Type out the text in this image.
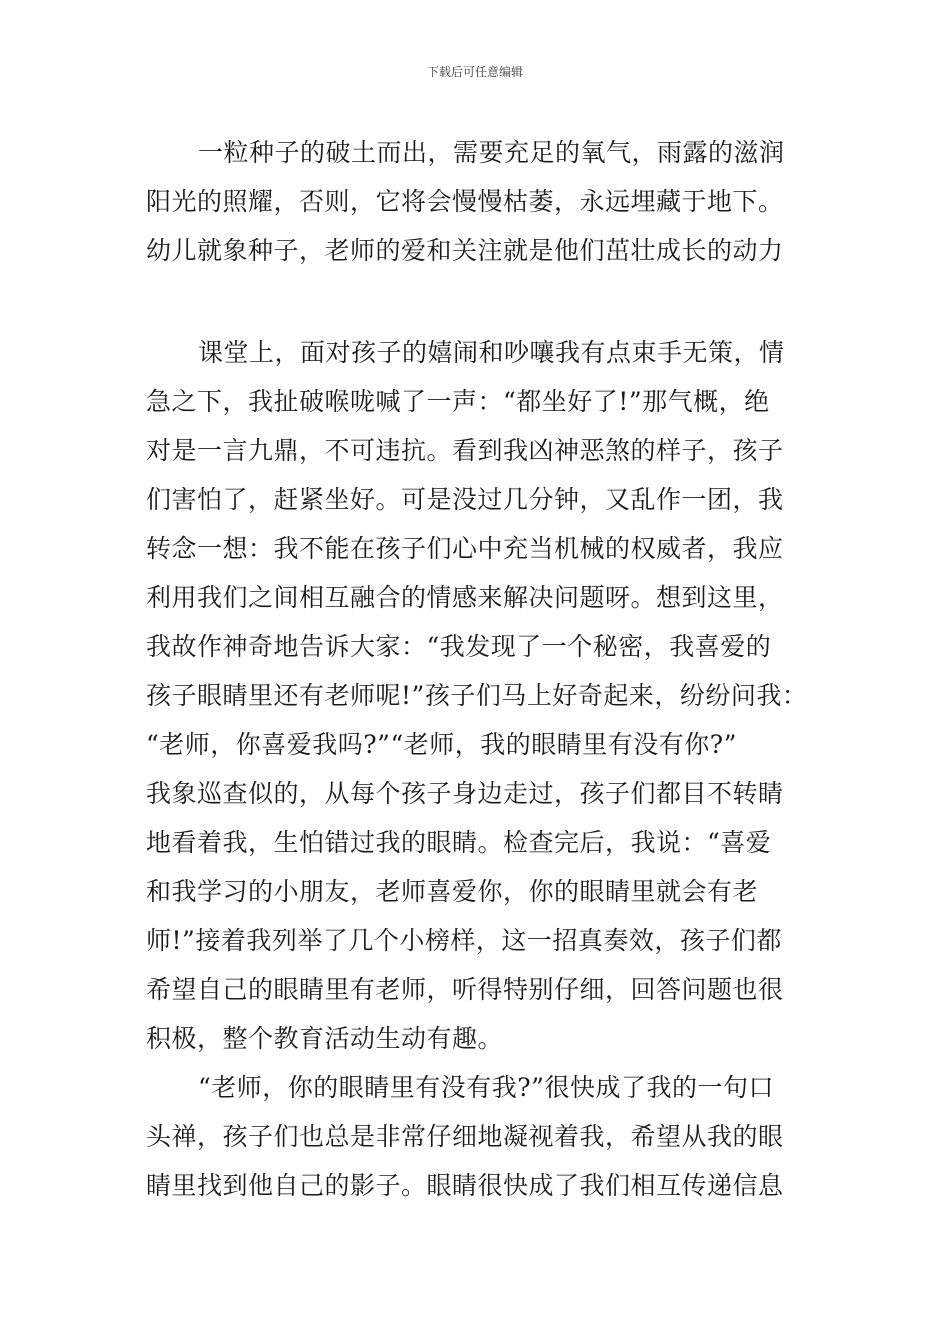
下载后可任意编辑
一粒种子的破土而出，需要充足的氧气，雨露的滋润
阳光的照耀，否则，它将会慢慢枯萎，永远埋藏于地下。
幼儿就象种子，老师的爱和关注就是他们茁壮成长的动力
课堂上，面对孩子的嬉闹和吵嚷我有点束手无策，情
急之下，我扯破喉咙喊了一声：“都坐好了!”那气概，绝
对是一言九鼎，不可违抗。看到我凶神恶煞的样子，孩子
们害怕了，赶紧坐好。可是没过几分钟，又乱作一团，我
转念一想：我不能在孩子们心中充当机械的权威者，我应
利用我们之间相互融合的情感来解决问题呀。想到这里，
我故作神奇地告诉大家：“我发现了一个秘密，我喜爱的
孩子眼睛里还有老师呢!”孩子们马上好奇起来，纷纷问我：
“老师，你喜爱我吗?”“老师，我的眼睛里有没有你?”
我象巡查似的，从每个孩子身边走过，孩子们都目不转睛
地看着我，生怕错过我的眼睛。检查完后，我说：“喜爱
和我学习的小朋友，老师喜爱你，你的眼睛里就会有老
师!”接着我列举了几个小榜样，这一招真奏效，孩子们都
希望自己的眼睛里有老师，听得特别仔细，回答问题也很
积极，整个教育活动生动有趣。
“老师，你的眼睛里有没有我?”很快成了我的一句口
头禅，孩子们也总是非常仔细地凝视着我，希望从我的眼
睛里找到他自己的影子。眼睛很快成了我们相互传递信息
